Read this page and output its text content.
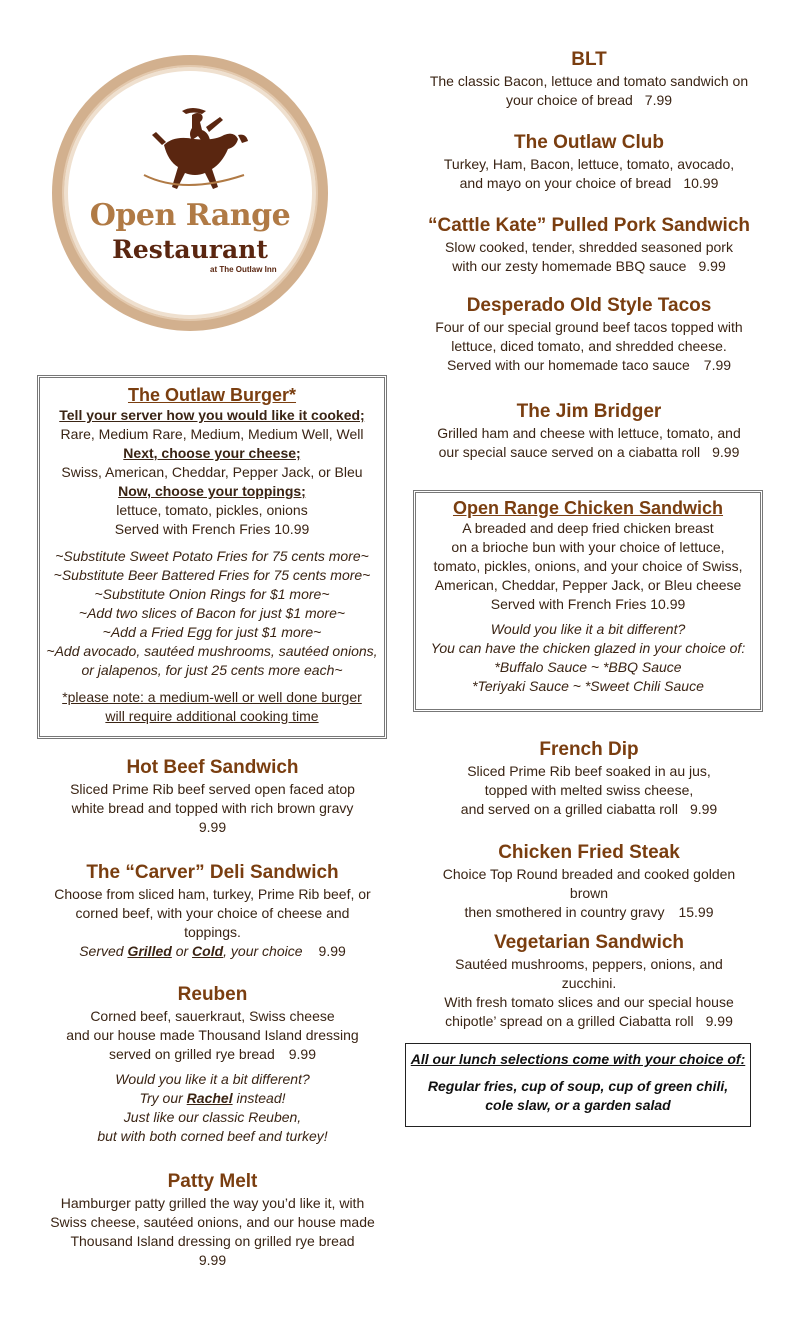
Open Range
Restaurant
at The Outlaw Inn
The Outlaw Burger*
Tell your server how you would like it cooked;
Rare, Medium Rare, Medium, Medium Well, Well
Next, choose your cheese;
Swiss, American, Cheddar, Pepper Jack, or Bleu
Now, choose your toppings;
lettuce, tomato, pickles, onions
Served with French Fries 10.99
~Substitute Sweet Potato Fries for 75 cents more~
~Substitute Beer Battered Fries for 75 cents more~
~Substitute Onion Rings for $1 more~
~Add two slices of Bacon for just $1 more~
~Add a Fried Egg for just $1 more~
~Add avocado, sautéed mushrooms, sautéed onions,
or jalapenos, for just 25 cents more each~
*please note: a medium-well or well done burger
will require additional cooking time
Hot Beef Sandwich
Sliced Prime Rib beef served open faced atop
white bread and topped with rich brown gravy
9.99
The “Carver” Deli Sandwich
Choose from sliced ham, turkey, Prime Rib beef, or
corned beef, with your choice of cheese and
toppings.
Served Grilled or Cold, your choice 9.99
Reuben
Corned beef, sauerkraut, Swiss cheese
and our house made Thousand Island dressing
served on grilled rye bread 9.99
Would you like it a bit different?
Try our Rachel instead!
Just like our classic Reuben,
but with both corned beef and turkey!
Patty Melt
Hamburger patty grilled the way you’d like it, with
Swiss cheese, sautéed onions, and our house made
Thousand Island dressing on grilled rye bread
9.99
BLT
The classic Bacon, lettuce and tomato sandwich on
your choice of bread 7.99
The Outlaw Club
Turkey, Ham, Bacon, lettuce, tomato, avocado,
and mayo on your choice of bread 10.99
“Cattle Kate” Pulled Pork Sandwich
Slow cooked, tender, shredded seasoned pork
with our zesty homemade BBQ sauce 9.99
Desperado Old Style Tacos
Four of our special ground beef tacos topped with
lettuce, diced tomato, and shredded cheese.
Served with our homemade taco sauce 7.99
The Jim Bridger
Grilled ham and cheese with lettuce, tomato, and
our special sauce served on a ciabatta roll 9.99
Open Range Chicken Sandwich
A breaded and deep fried chicken breast
on a brioche bun with your choice of lettuce,
tomato, pickles, onions, and your choice of Swiss,
American, Cheddar, Pepper Jack, or Bleu cheese
Served with French Fries 10.99
Would you like it a bit different?
You can have the chicken glazed in your choice of:
*Buffalo Sauce ~ *BBQ Sauce
*Teriyaki Sauce ~ *Sweet Chili Sauce
French Dip
Sliced Prime Rib beef soaked in au jus,
topped with melted swiss cheese,
and served on a grilled ciabatta roll 9.99
Chicken Fried Steak
Choice Top Round breaded and cooked golden
brown
then smothered in country gravy 15.99
Vegetarian Sandwich
Sautéed mushrooms, peppers, onions, and
zucchini.
With fresh tomato slices and our special house
chipotle’ spread on a grilled Ciabatta roll 9.99
All our lunch selections come with your choice of:
Regular fries, cup of soup, cup of green chili,
cole slaw, or a garden salad
